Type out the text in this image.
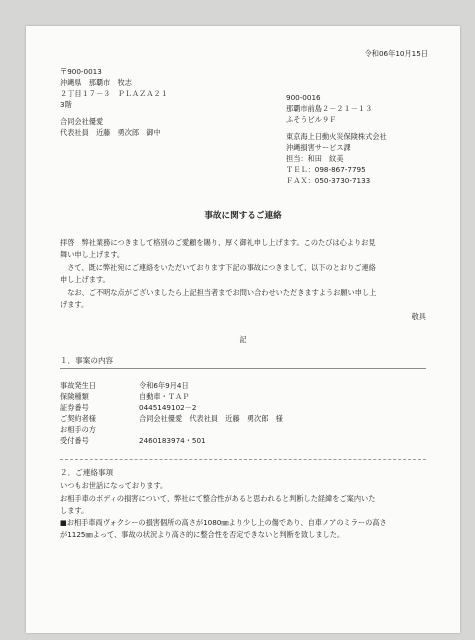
令和06年10月15日
〒900-0013
沖縄県　那覇市　牧志
２丁目１７－３　ＰＬＡＺＡ２１
3階
合同会社優愛
代表社員　近藤　勇次郎　御中
900-0016
那覇市前島２－２１－１３
ふそうビル９Ｆ
東京海上日動火災保険株式会社
沖縄損害サービス課
担当：和田　紋美
ＴＥＬ：098-867-7795
ＦＡＸ：050-3730-7133
事故に関するご連絡
拝啓　弊社業務につきまして格別のご愛顧を賜り、厚く御礼申し上げます。このたびは心よりお見
舞い申し上げます。
　さて、既に弊社宛にご連絡をいただいております下記の事故につきまして、以下のとおりご連絡
申し上げます。
　なお、ご不明な点がございましたら上記担当者までお問い合わせいただきますようお願い申し上
げます。
敬具
記
１．事案の内容
事故発生日	令和6年9月4日
保険種類	自動車・ＴＡＰ
証券番号	0445149102－2
ご契約者様	合同会社優愛　代表社員　近藤　勇次郎　様
お相手の方
受付番号	2460183974・501
２．ご連絡事項
いつもお世話になっております。
お相手車のボディの損害について、弊社にて整合性があると思われると判断した経緯をご案内いた
します。
■お相手車両ヴォクシーの損害個所の高さが1080㎜より少し上の傷であり、自車ノアのミラーの高さ
が1125㎜よって、事故の状況より高さ的に整合性を否定できないと判断を致しました。
